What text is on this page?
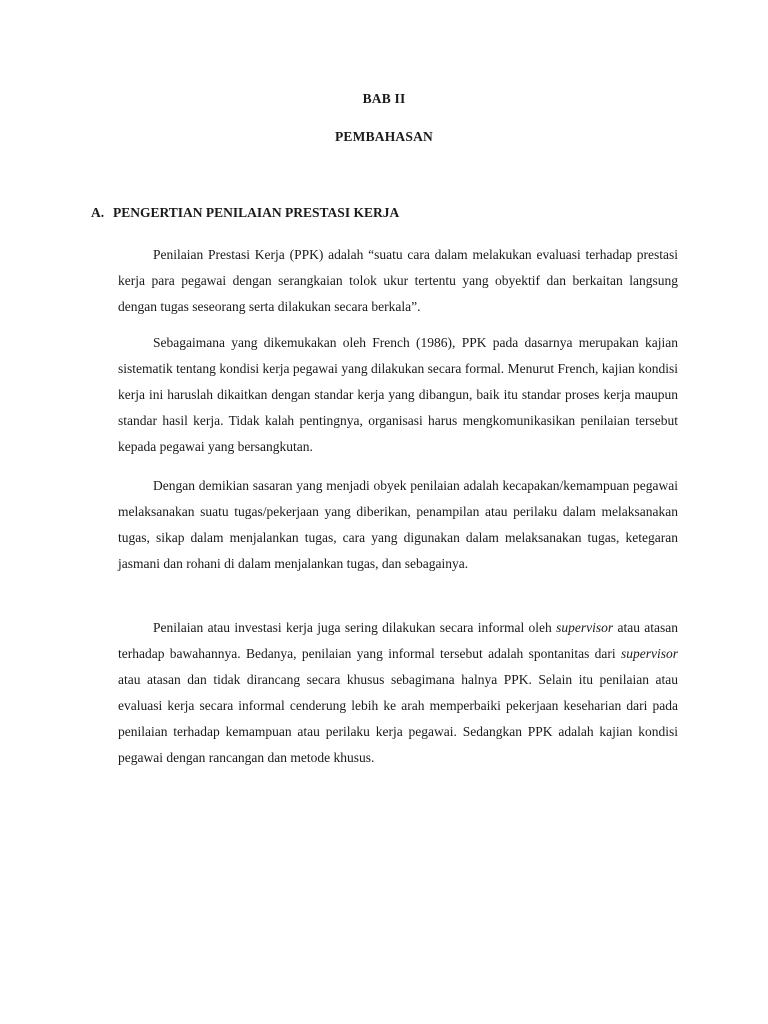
BAB II
PEMBAHASAN
A. PENGERTIAN PENILAIAN PRESTASI KERJA

Penilaian Prestasi Kerja (PPK) adalah “suatu cara dalam melakukan evaluasi terhadap prestasi kerja para pegawai dengan serangkaian tolok ukur tertentu yang obyektif dan berkaitan langsung dengan tugas seseorang serta dilakukan secara berkala”.

Sebagaimana yang dikemukakan oleh French (1986), PPK pada dasarnya merupakan kajian sistematik tentang kondisi kerja pegawai yang dilakukan secara formal. Menurut French, kajian kondisi kerja ini haruslah dikaitkan dengan standar kerja yang dibangun, baik itu standar proses kerja maupun standar hasil kerja. Tidak kalah pentingnya, organisasi harus mengkomunikasikan penilaian tersebut kepada pegawai yang bersangkutan.

Dengan demikian sasaran yang menjadi obyek penilaian adalah kecapakan/kemampuan pegawai melaksanakan suatu tugas/pekerjaan yang diberikan, penampilan atau perilaku dalam melaksanakan tugas, sikap dalam menjalankan tugas, cara yang digunakan dalam melaksanakan tugas, ketegaran jasmani dan rohani di dalam menjalankan tugas, dan sebagainya.

Penilaian atau investasi kerja juga sering dilakukan secara informal oleh supervisor atau atasan terhadap bawahannya. Bedanya, penilaian yang informal tersebut adalah spontanitas dari supervisor atau atasan dan tidak dirancang secara khusus sebagimana halnya PPK. Selain itu penilaian atau evaluasi kerja secara informal cenderung lebih ke arah memperbaiki pekerjaan keseharian dari pada penilaian terhadap kemampuan atau perilaku kerja pegawai. Sedangkan PPK adalah kajian kondisi pegawai dengan rancangan dan metode khusus.
